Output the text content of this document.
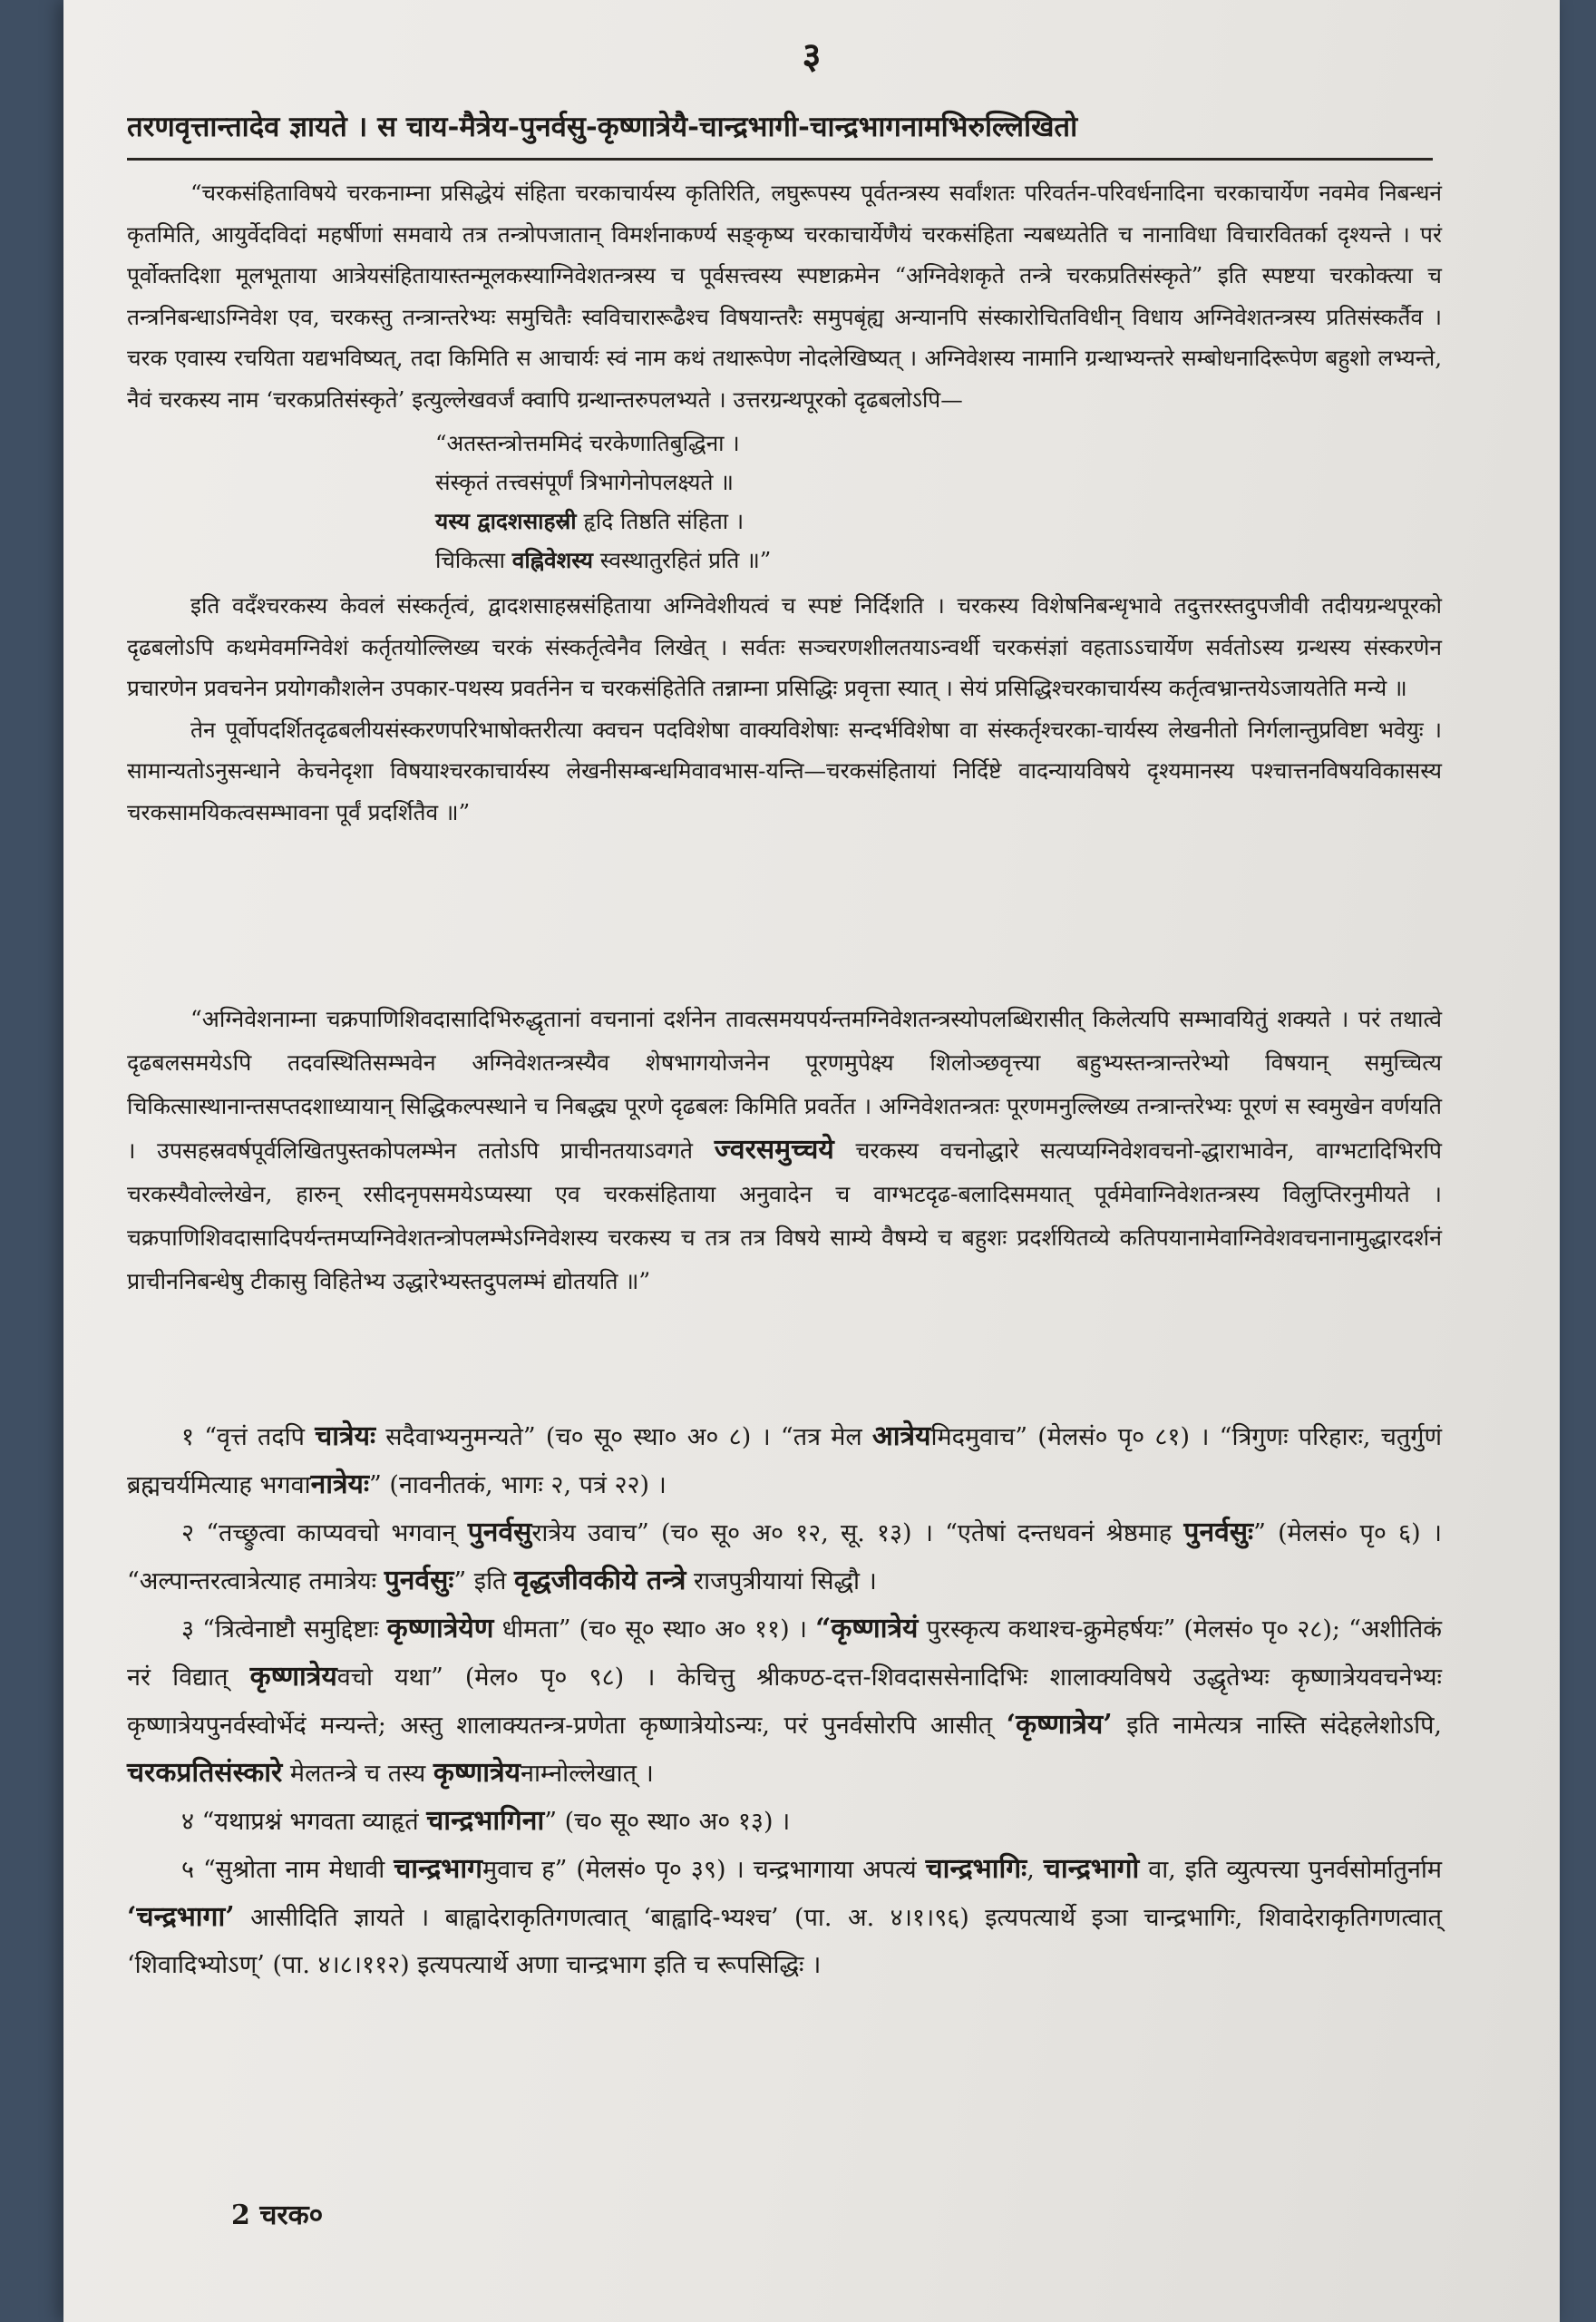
३
तरणवृत्तान्तादेव ज्ञायते । स चाय-मैत्रेय-पुनर्वसु-कृष्णात्रेयै-चान्द्रभागी-चान्द्रभागनामभिरुल्लिखितो

“चरकसंहिताविषये चरकनाम्ना प्रसिद्धेयं संहिता चरकाचार्यस्य कृतिरिति, लघुरूपस्य पूर्वतन्त्रस्य सर्वांशतः परिवर्तन-परिवर्धनादिना चरकाचार्येण नवमेव निबन्धनं कृतमिति, आयुर्वेदविदां महर्षीणां समवाये तत्र तन्त्रोपजातान् विमर्शनाकर्ण्य सङ्कृष्य चरकाचार्येणैयं चरकसंहिता न्यबध्यतेति च नानाविधा विचारवितर्का दृश्यन्ते । परं पूर्वोक्तदिशा मूलभूताया आत्रेयसंहितायास्तन्मूलकस्याग्निवेशतन्त्रस्य च पूर्वसत्त्वस्य स्पष्टाक्रमेन “अग्निवेशकृते तन्त्रे चरकप्रतिसंस्कृते” इति स्पष्टया चरकोक्त्या च तन्त्रनिबन्धाऽग्निवेश एव, चरकस्तु तन्त्रान्तरेभ्यः समुचितैः स्वविचारारूढैश्च विषयान्तरैः समुपबृंह्य अन्यानपि संस्कारोचितविधीन् विधाय अग्निवेशतन्त्रस्य प्रतिसंस्कर्तैव । चरक एवास्य रचयिता यद्यभविष्यत्, तदा किमिति स आचार्यः स्वं नाम कथं तथारूपेण नोदलेखिष्यत् । अग्निवेशस्य नामानि ग्रन्थाभ्यन्तरे सम्बोधनादिरूपेण बहुशो लभ्यन्ते, नैवं चरकस्य नाम ‘चरकप्रतिसंस्कृते’ इत्युल्लेखवर्जं क्वापि ग्रन्थान्तरुपलभ्यते । उत्तरग्रन्थपूरको दृढबलोऽपि—

“अतस्तन्त्रोत्तममिदं चरकेणातिबुद्धिना ।
संस्कृतं तत्त्वसंपूर्णं त्रिभागेनोपलक्ष्यते ॥
यस्य द्वादशसाहस्री हृदि तिष्ठति संहिता ।
चिकित्सा वह्निवेशस्य स्वस्थातुरहितं प्रति ॥”

इति वदँश्चरकस्य केवलं संस्कर्तृत्वं, द्वादशसाहस्रसंहिताया अग्निवेशीयत्वं च स्पष्टं निर्दिशति । चरकस्य विशेषनिबन्धृभावे तदुत्तरस्तदुपजीवी तदीयग्रन्थपूरको दृढबलोऽपि कथमेवमग्निवेशं कर्तृतयोल्लिख्य चरकं संस्कर्तृत्वेनैव लिखेत् । सर्वतः सञ्चरणशीलतयाऽन्वर्थी चरकसंज्ञां वहताऽऽचार्येण सर्वतोऽस्य ग्रन्थस्य संस्करणेन प्रचारणेन प्रवचनेन प्रयोगकौशलेन उपकार-पथस्य प्रवर्तनेन च चरकसंहितेति तन्नाम्ना प्रसिद्धिः प्रवृत्ता स्यात् । सेयं प्रसिद्धिश्चरकाचार्यस्य कर्तृत्वभ्रान्तयेऽजायतेति मन्ये ॥

तेन पूर्वोपदर्शितदृढबलीयसंस्करणपरिभाषोक्तरीत्या क्वचन पदविशेषा वाक्यविशेषाः सन्दर्भविशेषा वा संस्कर्तृश्चरका-चार्यस्य लेखनीतो निर्गलान्तुप्रविष्टा भवेयुः । सामान्यतोऽनुसन्धाने केचनेदृशा विषयाश्चरकाचार्यस्य लेखनीसम्बन्धमिवावभास-यन्ति—चरकसंहितायां निर्दिष्टे वादन्यायविषये दृश्यमानस्य पश्चात्तनविषयविकासस्य चरकसामयिकत्वसम्भावना पूर्वं प्रदर्शितैव ॥”

“अग्निवेशनाम्ना चक्रपाणिशिवदासादिभिरुद्धृतानां वचनानां दर्शनेन तावत्समयपर्यन्तमग्निवेशतन्त्रस्योपलब्धिरासीत् किलेत्यपि सम्भावयितुं शक्यते । परं तथात्वे दृढबलसमयेऽपि तदवस्थितिसम्भवेन अग्निवेशतन्त्रस्यैव शेषभागयोजनेन पूरणमुपेक्ष्य शिलोञ्छवृत्त्या बहुभ्यस्तन्त्रान्तरेभ्यो विषयान् समुच्चित्य चिकित्सास्थानान्तसप्तदशाध्यायान् सिद्धिकल्पस्थाने च निबद्ध्य पूरणे दृढबलः किमिति प्रवर्तेत । अग्निवेशतन्त्रतः पूरणमनुल्लिख्य तन्त्रान्तरेभ्यः पूरणं स स्वमुखेन वर्णयति । उपसहस्रवर्षपूर्वलिखितपुस्तकोपलम्भेन ततोऽपि प्राचीनतयाऽवगते ज्वरसमुच्चये चरकस्य वचनोद्धारे सत्यप्यग्निवेशवचनो-द्धाराभावेन, वाग्भटादिभिरपि चरकस्यैवोल्लेखेन, हारुन् रसीदनृपसमयेऽप्यस्या एव चरकसंहिताया अनुवादेन च वाग्भटदृढ-बलादिसमयात् पूर्वमेवाग्निवेशतन्त्रस्य विलुप्तिरनुमीयते । चक्रपाणिशिवदासादिपर्यन्तमप्यग्निवेशतन्त्रोपलम्भेऽग्निवेशस्य चरकस्य च तत्र तत्र विषये साम्ये वैषम्ये च बहुशः प्रदर्शयितव्ये कतिपयानामेवाग्निवेशवचनानामुद्धारदर्शनं प्राचीननिबन्धेषु टीकासु विहितेभ्य उद्धारेभ्यस्तदुपलम्भं द्योतयति ॥”

१ “वृत्तं तदपि चात्रेयः सदैवाभ्यनुमन्यते” (च० सू० स्था० अ० ८) । “तत्र मेल आत्रेयमिदमुवाच” (मेलसं० पृ० ८१) । “त्रिगुणः परिहारः, चतुर्गुणं ब्रह्मचर्यमित्याह भगवानात्रेयः” (नावनीतकं, भागः २, पत्रं २२) ।

२ “तच्छ्रुत्वा काप्यवचो भगवान् पुनर्वसुरात्रेय उवाच” (च० सू० अ० १२, सू. १३) । “एतेषां दन्तधवनं श्रेष्ठमाह पुनर्वसुः” (मेलसं० पृ० ६) । “अल्पान्तरत्वात्रेत्याह तमात्रेयः पुनर्वसुः” इति वृद्धजीवकीये तन्त्रे राजपुत्रीयायां सिद्धौ ।

३ “त्रित्वेनाष्टौ समुद्दिष्टाः कृष्णात्रेयेण धीमता” (च० सू० स्था० अ० ११) । “कृष्णात्रेयं पुरस्कृत्य कथाश्च-क्रुमेहर्षयः” (मेलसं० पृ० २८); “अशीतिकं नरं विद्यात् कृष्णात्रेयवचो यथा” (मेल० पृ० ९८) । केचित्तु श्रीकण्ठ-दत्त-शिवदाससेनादिभिः शालाक्यविषये उद्धृतेभ्यः कृष्णात्रेयवचनेभ्यः कृष्णात्रेयपुनर्वस्वोर्भेदं मन्यन्ते; अस्तु शालाक्यतन्त्र-प्रणेता कृष्णात्रेयोऽन्यः, परं पुनर्वसोरपि आसीत् ‘कृष्णात्रेय’ इति नामेत्यत्र नास्ति संदेहलेशोऽपि, चरकप्रतिसंस्कारे मेलतन्त्रे च तस्य कृष्णात्रेयनाम्नोल्लेखात् ।

४ “यथाप्रश्नं भगवता व्याहृतं चान्द्रभागिना” (च० सू० स्था० अ० १३) ।

५ “सुश्रोता नाम मेधावी चान्द्रभागमुवाच ह” (मेलसं० पृ० ३९) । चन्द्रभागाया अपत्यं चान्द्रभागिः, चान्द्रभागो वा, इति व्युत्पत्त्या पुनर्वसोर्मातुर्नाम ‘चन्द्रभागा’ आसीदिति ज्ञायते । बाह्वादेराकृतिगणत्वात् ‘बाह्वादि-भ्यश्च’ (पा. अ. ४।१।९६) इत्यपत्यार्थे इञा चान्द्रभागिः, शिवादेराकृतिगणत्वात् ‘शिवादिभ्योऽण्’ (पा. ४।८।११२) इत्यपत्यार्थे अणा चान्द्रभाग इति च रूपसिद्धिः ।

2 चरक०
